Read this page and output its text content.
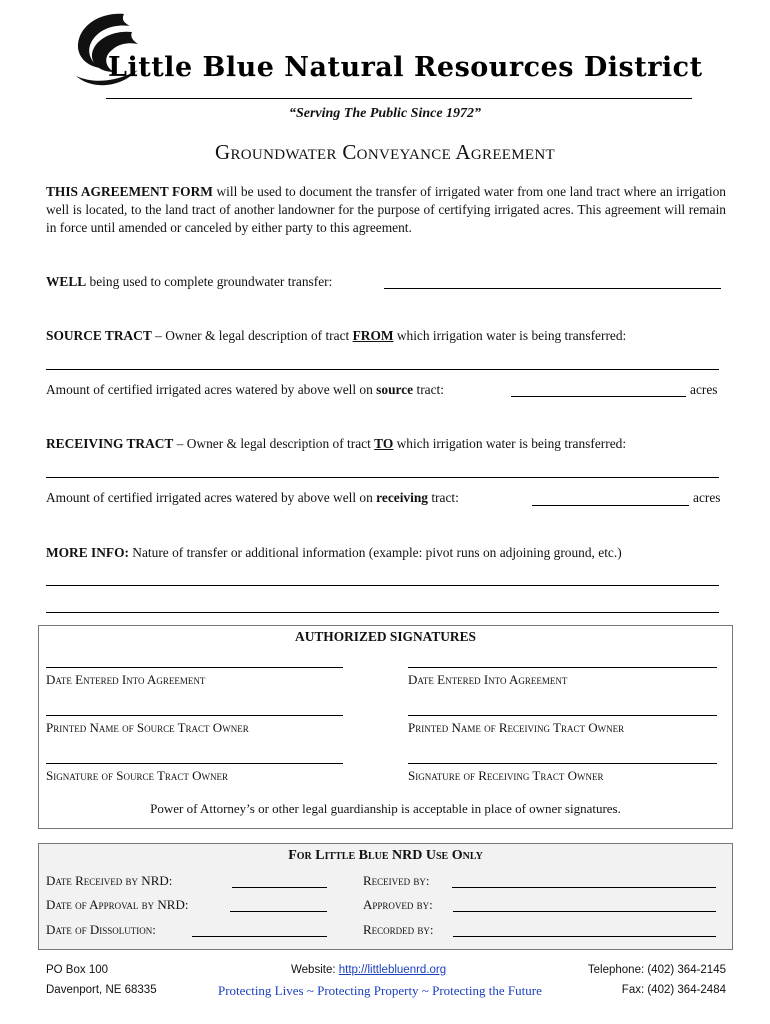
Little Blue Natural Resources District
“Serving The Public Since 1972”
Groundwater Conveyance Agreement
THIS AGREEMENT FORM will be used to document the transfer of irrigated water from one land tract where an irrigation well is located, to the land tract of another landowner for the purpose of certifying irrigated acres. This agreement will remain in force until amended or canceled by either party to this agreement.
WELL being used to complete groundwater transfer:
SOURCE TRACT – Owner & legal description of tract FROM which irrigation water is being transferred:
Amount of certified irrigated acres watered by above well on source tract:	acres
RECEIVING TRACT – Owner & legal description of tract TO which irrigation water is being transferred:
Amount of certified irrigated acres watered by above well on receiving tract:	acres
MORE INFO: Nature of transfer or additional information (example: pivot runs on adjoining ground, etc.)
AUTHORIZED SIGNATURES
Date Entered Into Agreement	Date Entered Into Agreement
Printed Name of Source Tract Owner	Printed Name of Receiving Tract Owner
Signature of Source Tract Owner	Signature of Receiving Tract Owner
Power of Attorney’s or other legal guardianship is acceptable in place of owner signatures.
For Little Blue NRD Use Only
Date Received by NRD:	Received by:
Date of Approval by NRD:	Approved by:
Date of Dissolution:	Recorded by:
PO Box 100
Davenport, NE 68335
Website: http://littlebluenrd.org
Protecting Lives ~ Protecting Property ~ Protecting the Future
Telephone: (402) 364-2145
Fax: (402) 364-2484
